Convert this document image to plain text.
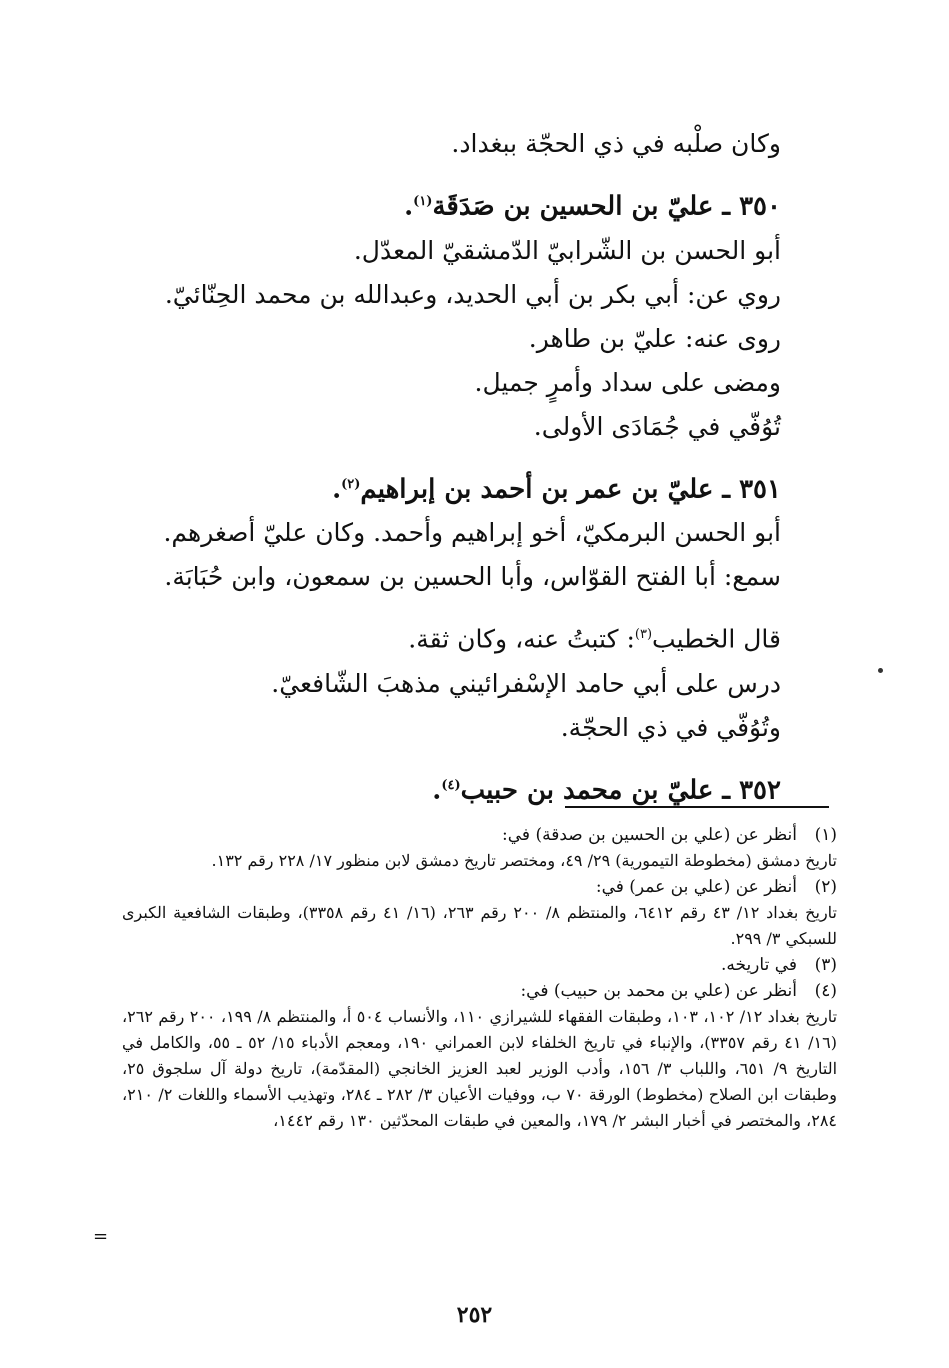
وكان صلْبه في ذي الحجّة ببغداد.
٣٥٠ ـ عليّ بن الحسين بن صَدَقَة$^{(١)}$.
أبو الحسن بن الشّرابيّ الدّمشقيّ المعدّل.
روي عن: أبي بكر بن أبي الحديد، وعبدالله بن محمد الحِنّائيّ.
روى عنه: عليّ بن طاهر.
ومضى على سداد وأمرٍ جميل.
تُوُفّي في جُمَادَى الأولى.
٣٥١ ـ عليّ بن عمر بن أحمد بن إبراهيم$^{(٢)}$.
أبو الحسن البرمكيّ، أخو إبراهيم وأحمد. وكان عليّ أصغرهم.
سمع: أبا الفتح القوّاس، وأبا الحسين بن سمعون، وابن حُبَابَة.
قال الخطيب$^{(٣)}$: كتبتُ عنه، وكان ثقة.
درس على أبي حامد الإسْفرائيني مذهبَ الشّافعيّ.
وتُوُفّي في ذي الحجّة.
٣٥٢ ـ عليّ بن محمد بن حبيب$^{(٤)}$.
(١)أنظر عن (علي بن الحسين بن صدقة) في:
تاريخ دمشق (مخطوطة التيمورية) ٢٩/ ٤٩، ومختصر تاريخ دمشق لابن منظور ١٧/ ٢٢٨ رقم ١٣٢.
(٢)أنظر عن (علي بن عمر) في:
تاريخ بغداد ١٢/ ٤٣ رقم ٦٤١٢، والمنتظم ٨/ ٢٠٠ رقم ٢٦٣، (١٦/ ٤١ رقم ٣٣٥٨)، وطبقات الشافعية الكبرى للسبكي ٣/ ٢٩٩.
(٣)في تاريخه.
(٤)أنظر عن (علي بن محمد بن حبيب) في:
تاريخ بغداد ١٢/ ١٠٢، ١٠٣، وطبقات الفقهاء للشيرازي ١١٠، والأنساب ٥٠٤ أ، والمنتظم ٨/ ١٩٩، ٢٠٠ رقم ٢٦٢، (١٦/ ٤١ رقم ٣٣٥٧)، والإنباء في تاريخ الخلفاء لابن العمراني ١٩٠، ومعجم الأدباء ١٥/ ٥٢ ـ ٥٥، والكامل في التاريخ ٩/ ٦٥١، واللباب ٣/ ١٥٦، وأدب الوزير لعبد العزيز الخانجي (المقدّمة)، تاريخ دولة آل سلجوق ٢٥، وطبقات ابن الصلاح (مخطوط) الورقة ٧٠ ب، ووفيات الأعيان ٣/ ٢٨٢ ـ ٢٨٤، وتهذيب الأسماء واللغات ٢/ ٢١٠، ٢٨٤، والمختصر في أخبار البشر ٢/ ١٧٩، والمعين في طبقات المحدّثين ١٣٠ رقم ١٤٤٢،
=
٢٥٢
